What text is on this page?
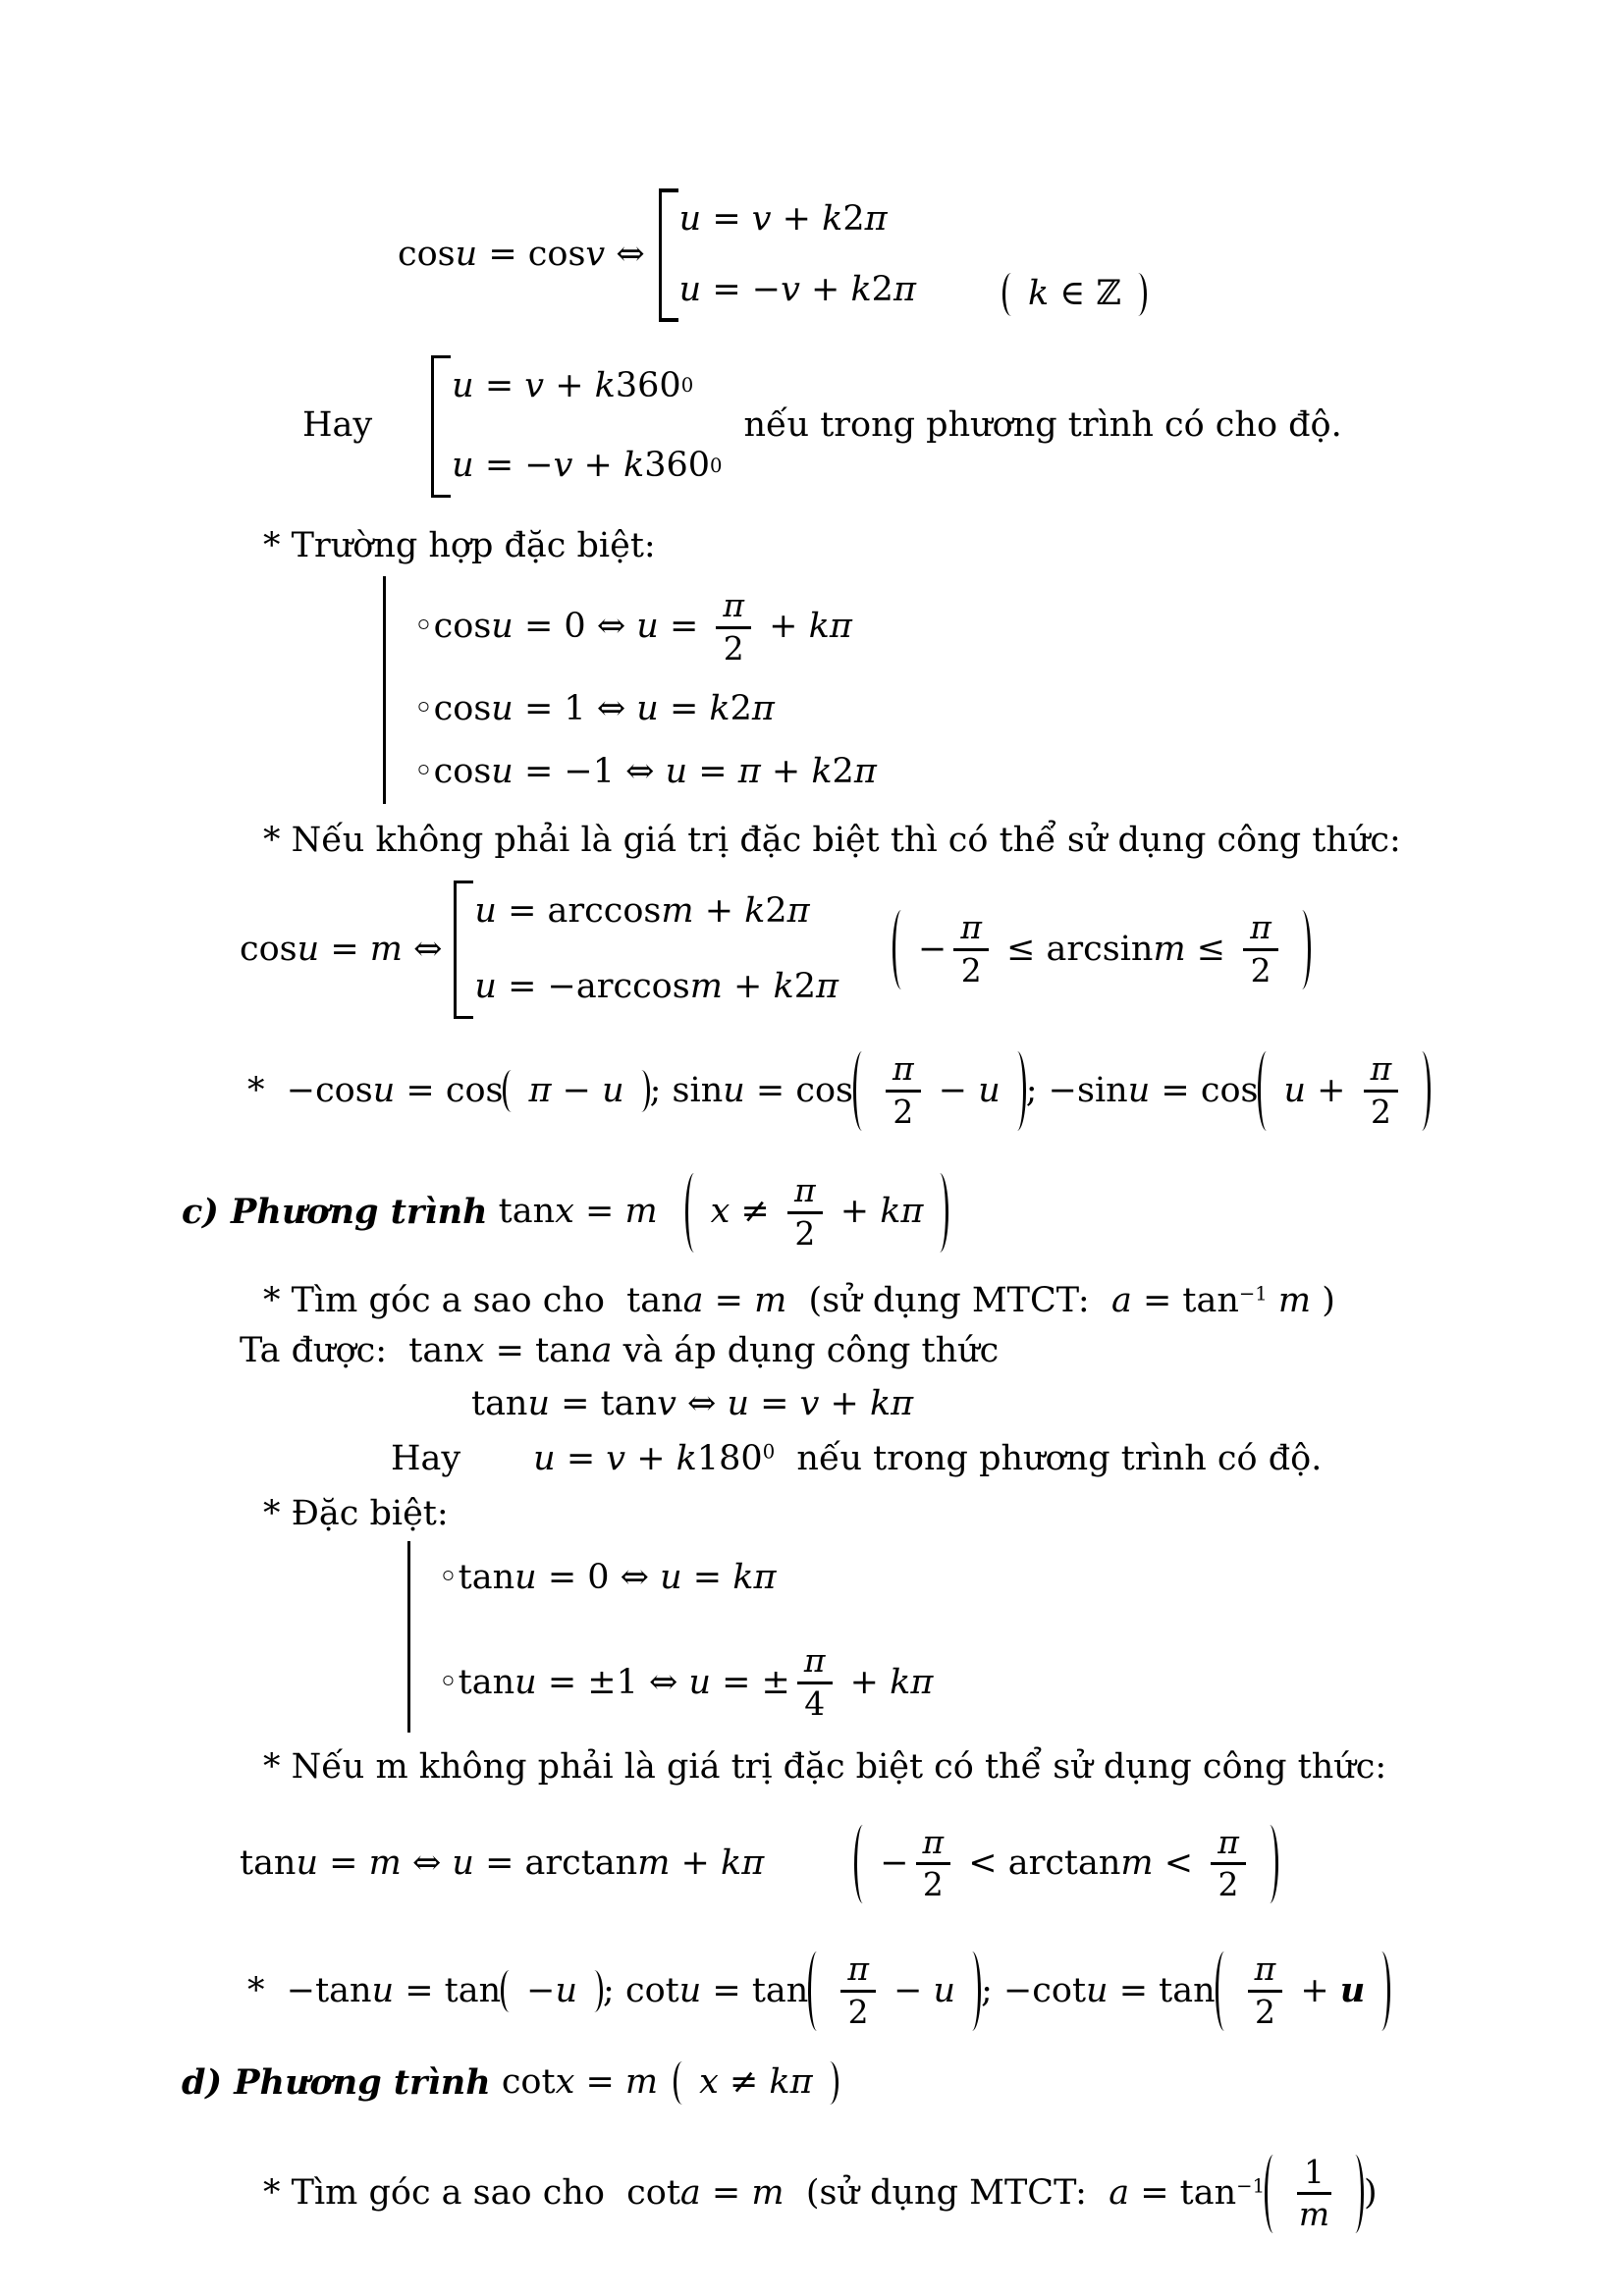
cosu = cosv ⇔
u = v + k 2 π
u = − v + k 2 π	k ∈ ℤ
Hay
u = v + k 360 0
u = − v + k 360 0
nếu trong phương trình có cho độ.
* Trường hợp đặc biệt:
◦cosu = 0 ⇔ $u = \frac{\pi}{2} + k\pi$
◦cosu = 1 ⇔ u = k2π
◦cosu = −1 ⇔ u = π + k2π
* Nếu không phải là giá trị đặc biệt thì có thể sử dụng công thức:
cosu = m ⇔
u = arccos m + k 2 π
u = −arccos m + k 2 π
− $\frac{\pi}{2} \le \arcsin m \le \frac{\pi}{2}$
*  −cosu = cos π − u ; $\sin u = \cos \frac{\pi}{2} - u$ ; $-\sin u = \cos u + \frac{\pi}{2}$
c) Phương trình tanx = m $x \ne \frac{\pi}{2} + k\pi$
* Tìm góc a sao cho  tana = m  (sử dụng MTCT:  $a = \tan^{-1} m$ )
Ta được:  tanx = tana và áp dụng công thức
tanu = tanv ⇔ u = v + kπ
Hay $u = v + k180^0$  nếu trong phương trình có độ.
* Đặc biệt:
◦tanu = 0 ⇔ u = kπ
◦tanu = ±1 ⇔ u = ± $\frac{\pi}{4} + k\pi$
* Nếu m không phải là giá trị đặc biệt có thể sử dụng công thức:
tanu = m ⇔ u = arctanm + kπ	− $\frac{\pi}{2} < \arctan m < \frac{\pi}{2}$
*  −tanu = tan −u ; $\cot u = \tan \frac{\pi}{2} - u$ ; $-\cot u = \tan \frac{\pi}{2} + u$
d) Phương trình cotx = m x ≠ kπ
* Tìm góc a sao cho  cota = m  (sử dụng MTCT:  $a = \tan^{-1} \frac{1}{m}$ )
